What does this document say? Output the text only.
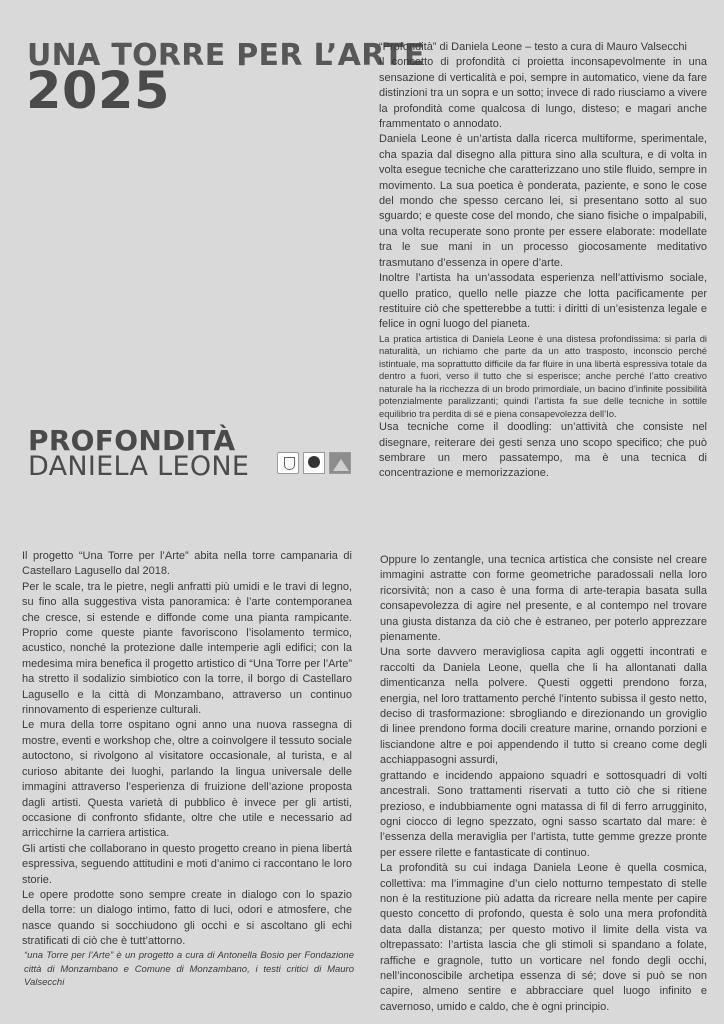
UNA TORRE PER L’ARTE
2025
PROFONDITÀ
DANIELA LEONE

“Profondità” di Daniela Leone – testo a cura di Mauro Valsecchi

Il concetto di profondità ci proietta inconsapevolmente in una sensazione di verticalità e poi, sempre in automatico, viene da fare distinzioni tra un sopra e un sotto; invece di rado riusciamo a vivere la profondità come qualcosa di lungo, disteso; e magari anche frammentato o annodato.

Daniela Leone è un’artista dalla ricerca multiforme, sperimentale, cha spazia dal disegno alla pittura sino alla scultura, e di volta in volta esegue tecniche che caratterizzano uno stile fluido, sempre in movimento. La sua poetica è ponderata, paziente, e sono le cose del mondo che spesso cercano lei, si presentano sotto al suo sguardo; e queste cose del mondo, che siano fisiche o impalpabili, una volta recuperate sono pronte per essere elaborate: modellate tra le sue mani in un processo giocosamente meditativo trasmutano d’essenza in opere d’arte.

Inoltre l’artista ha un’assodata esperienza nell’attivismo sociale, quello pratico, quello nelle piazze che lotta pacificamente per restituire ciò che spetterebbe a tutti: i diritti di un’esistenza legale e felice in ogni luogo del pianeta.

La pratica artistica di Daniela Leone è una distesa profondissima: si parla di naturalità, un richiamo che parte da un atto trasposto, inconscio perché istintuale, ma soprattutto difficile da far fluire in una libertà espressiva totale da dentro a fuori, verso il tutto che si esperisce; anche perché l’atto creativo naturale ha la ricchezza di un brodo primordiale, un bacino d’infinite possibilità potenzialmente paralizzanti; quindi l’artista fa sue delle tecniche in sottile equilibrio tra perdita di sé e piena consapevolezza dell’Io.

Usa tecniche come il doodling: un’attività che consiste nel disegnare, reiterare dei gesti senza uno scopo specifico; che può sembrare un mero passatempo, ma è una tecnica di concentrazione e memorizzazione.

Il progetto “Una Torre per l’Arte” abita nella torre campanaria di Castellaro Lagusello dal 2018.

Per le scale, tra le pietre, negli anfratti più umidi e le travi di legno, su fino alla suggestiva vista panoramica: è l’arte contemporanea che cresce, si estende e diffonde come una pianta rampicante. Proprio come queste piante favoriscono l’isolamento termico, acustico, nonché la protezione dalle intemperie agli edifici; con la medesima mira benefica il progetto artistico di “Una Torre per l’Arte” ha stretto il sodalizio simbiotico con la torre, il borgo di Castellaro Lagusello e la città di Monzambano, attraverso un continuo rinnovamento di esperienze culturali.

Le mura della torre ospitano ogni anno una nuova rassegna di mostre, eventi e workshop che, oltre a coinvolgere il tessuto sociale autoctono, si rivolgono al visitatore occasionale, al turista, e al curioso abitante dei luoghi, parlando la lingua universale delle immagini attraverso l’esperienza di fruizione dell’azione proposta dagli artisti. Questa varietà di pubblico è invece per gli artisti, occasione di confronto sfidante, oltre che utile e necessario ad arricchirne la carriera artistica.

Gli artisti che collaborano in questo progetto creano in piena libertà espressiva, seguendo attitudini e moti d’animo ci raccontano le loro storie.

Le opere prodotte sono sempre create in dialogo con lo spazio della torre: un dialogo intimo, fatto di luci, odori e atmosfere, che nasce quando si socchiudono gli occhi e si ascoltano gli echi stratificati di ciò che è tutt’attorno.

“una Torre per l’Arte” è un progetto a cura di Antonella Bosio per Fondazione città di Monzambano e Comune di Monzambano, i testi critici di Mauro Valsecchi

Oppure lo zentangle, una tecnica artistica che consiste nel creare immagini astratte con forme geometriche paradossali nella loro ricorsività; non a caso è una forma di arte-terapia basata sulla consapevolezza di agire nel presente, e al contempo nel trovare una giusta distanza da ciò che è estraneo, per poterlo apprezzare pienamente.

Una sorte davvero meravigliosa capita agli oggetti incontrati e raccolti da Daniela Leone, quella che li ha allontanati dalla dimenticanza nella polvere. Questi oggetti prendono forza, energia, nel loro trattamento perché l’intento subissa il gesto netto, deciso di trasformazione: sbrogliando e direzionando un groviglio di linee prendono forma docili creature marine, ornando porzioni e lisciandone altre e poi appendendo il tutto si creano come degli acchiappasogni assurdi,

grattando e incidendo appaiono squadri e sottosquadri di volti ancestrali. Sono trattamenti riservati a tutto ciò che si ritiene prezioso, e indubbiamente ogni matassa di fil di ferro arrugginito, ogni ciocco di legno spezzato, ogni sasso scartato dal mare: è l’essenza della meraviglia per l’artista, tutte gemme grezze pronte per essere rilette e fantasticate di continuo.

La profondità su cui indaga Daniela Leone è quella cosmica, collettiva: ma l’immagine d’un cielo notturno tempestato di stelle non è la restituzione più adatta da ricreare nella mente per capire questo concetto di profondo, questa è solo una mera profondità data dalla distanza; per questo motivo il limite della vista va oltrepassato: l’artista lascia che gli stimoli si spandano a folate, raffiche e gragnole, tutto un vorticare nel fondo degli occhi, nell’inconoscibile archetipa essenza di sé; dove si può se non capire, almeno sentire e abbracciare quel luogo infinito e cavernoso, umido e caldo, che è ogni principio.
